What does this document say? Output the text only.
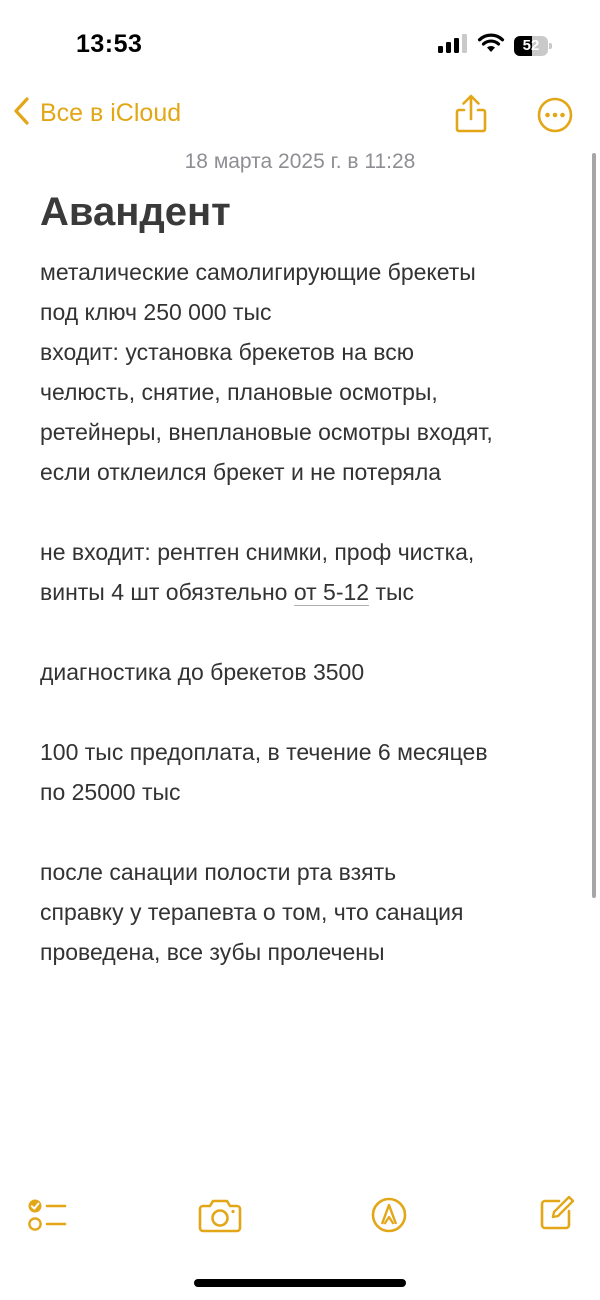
13:53	52
Все в iCloud
18 марта 2025 г. в 11:28
Авандент
металические самолигирующие брекеты
под ключ 250 000 тыс
входит: установка брекетов на всю
челюсть, снятие, плановые осмотры,
ретейнеры, внеплановые осмотры входят,
если отклеился брекет и не потеряла
не входит: рентген снимки, проф чистка,
винты 4 шт обязтельно от 5-12 тыс
диагностика до брекетов 3500
100 тыс предоплата, в течение 6 месяцев
по 25000 тыс
после санации полости рта взять
справку у терапевта о том, что санация
проведена, все зубы пролечены
